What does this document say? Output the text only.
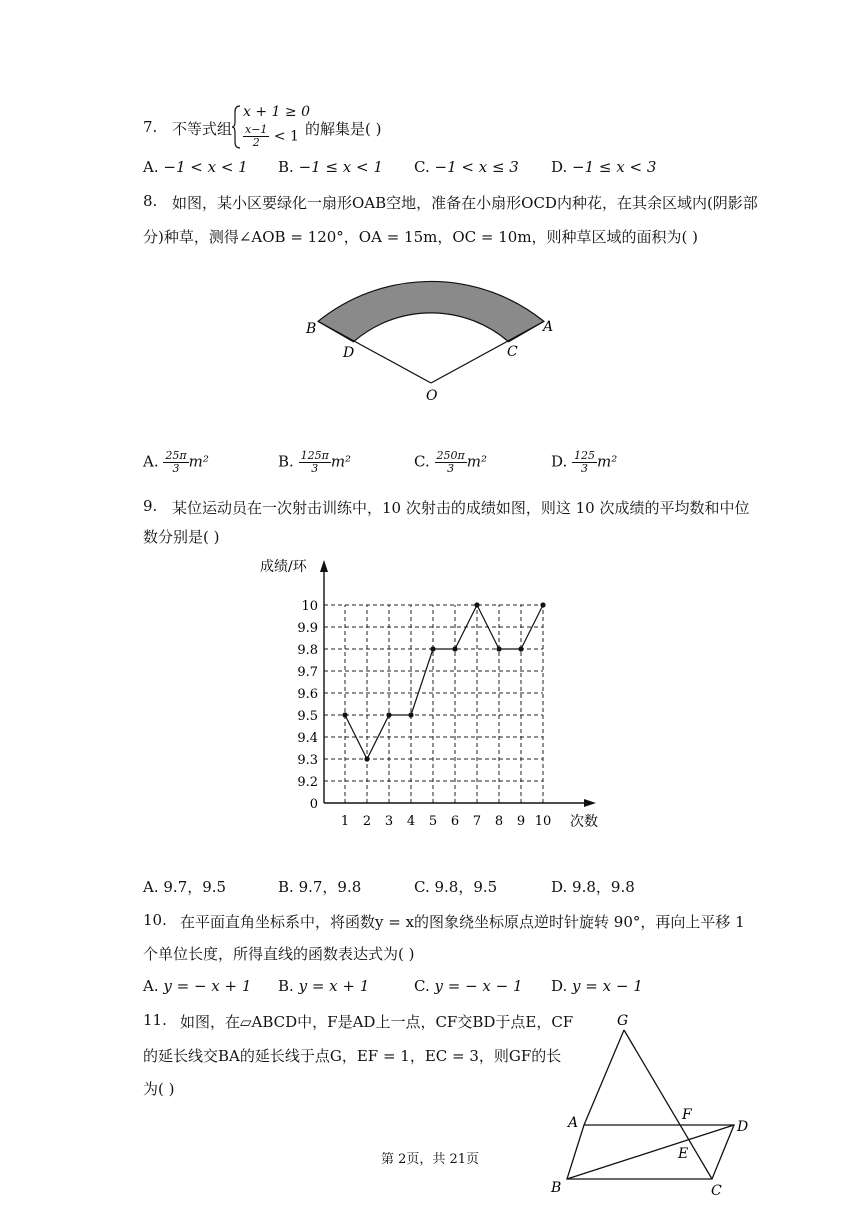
7. 不等式组
x + 1 ≥ 0
$\frac{x-1}{2} < 1$ 的解集是( )
A. −1 < x < 1 B. −1 ≤ x < 1 C. −1 < x ≤ 3 D. −1 ≤ x < 3
8. 如图，某小区要绿化一扇形OAB空地，准备在小扇形OCD内种花，在其余区域内(阴影部
分)种草，测得∠AOB = 120°，OA = 15m，OC = 10m，则种草区域的面积为( )
B	A
D	C
O
A. $\frac{25\pi}{3} m^2$	B. $\frac{125\pi}{3} m^2$	C. $\frac{250\pi}{3} m^2$	D. $\frac{125}{3} m^2$
9. 某位运动员在一次射击训练中，10 次射击的成绩如图，则这 10 次成绩的平均数和中位
数分别是( )
0
9.2
9.3
9.4
9.5
9.6
9.7
9.8
9.9
10
1 2 3 4 5 6 7 8 9 10
成绩/环
次数
A. 9.7，9.5	B. 9.7，9.8	C. 9.8，9.5	D. 9.8，9.8
10. 在平面直角坐标系中，将函数y = x的图象绕坐标原点逆时针旋转 90°，再向上平移 1
个单位长度，所得直线的函数表达式为( )
A. y = − x + 1 B. y = x + 1	C. y = − x − 1 D. y = x − 1
11. 如图，在▱ABCD中，F是AD上一点，CF交BD于点E，CF
的延长线交BA的延长线于点G，EF = 1，EC = 3，则GF的长
为( )
G
A	F
D
E
B	C
第 2页，共 21页
